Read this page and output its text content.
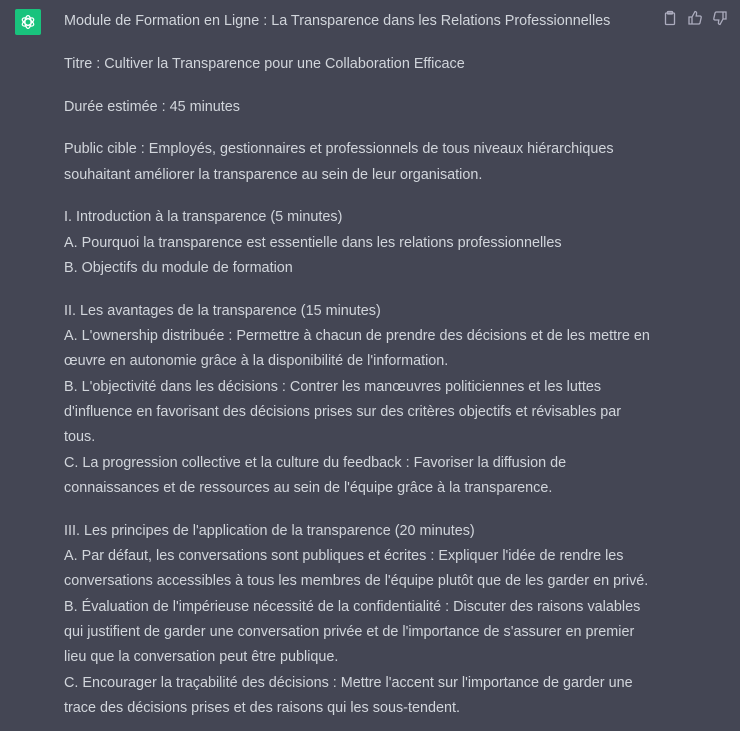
Module de Formation en Ligne : La Transparence dans les Relations Professionnelles

Titre : Cultiver la Transparence pour une Collaboration Efficace

Durée estimée : 45 minutes

Public cible : Employés, gestionnaires et professionnels de tous niveaux hiérarchiques souhaitant améliorer la transparence au sein de leur organisation.

I. Introduction à la transparence (5 minutes)
A. Pourquoi la transparence est essentielle dans les relations professionnelles
B. Objectifs du module de formation

II. Les avantages de la transparence (15 minutes)
A. L'ownership distribuée : Permettre à chacun de prendre des décisions et de les mettre en œuvre en autonomie grâce à la disponibilité de l'information.
B. L'objectivité dans les décisions : Contrer les manœuvres politiciennes et les luttes d'influence en favorisant des décisions prises sur des critères objectifs et révisables par tous.
C. La progression collective et la culture du feedback : Favoriser la diffusion de connaissances et de ressources au sein de l'équipe grâce à la transparence.

III. Les principes de l'application de la transparence (20 minutes)
A. Par défaut, les conversations sont publiques et écrites : Expliquer l'idée de rendre les conversations accessibles à tous les membres de l'équipe plutôt que de les garder en privé.
B. Évaluation de l'impérieuse nécessité de la confidentialité : Discuter des raisons valables qui justifient de garder une conversation privée et de l'importance de s'assurer en premier lieu que la conversation peut être publique.
C. Encourager la traçabilité des décisions : Mettre l'accent sur l'importance de garder une trace des décisions prises et des raisons qui les sous-tendent.
